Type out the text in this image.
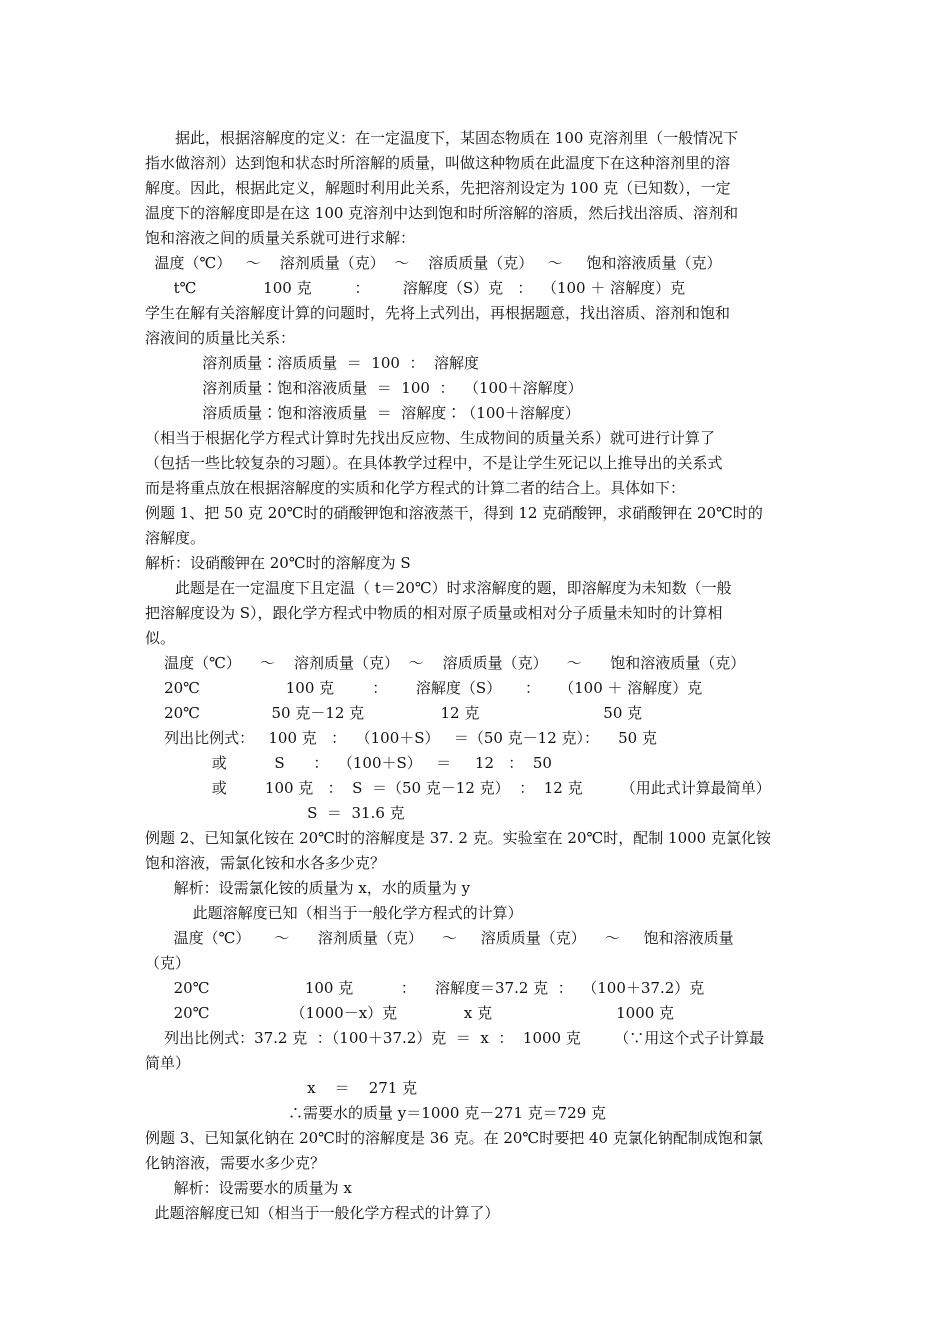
　　据此，根据溶解度的定义：在一定温度下，某固态物质在 100 克溶剂里（一般情况下
指水做溶剂）达到饱和状态时所溶解的质量，叫做这种物质在此温度下在这种溶剂里的溶
解度。因此，根据此定义，解题时利用此关系，先把溶剂设定为 100 克（已知数），一定
温度下的溶解度即是在这 100 克溶剂中达到饱和时所溶解的溶质，然后找出溶质、溶剂和
饱和溶液之间的质量关系就可进行求解：
温度（℃）   ～    溶剂质量（克）  ～    溶质质量（克）   ～     饱和溶液质量（克）
t℃              100 克         ：       溶解度（S）克   ：  （100 ＋ 溶解度）克
学生在解有关溶解度计算的问题时，先将上式列出，再根据题意，找出溶质、溶剂和饱和
溶液间的质量比关系：
溶剂质量∶溶质质量  ＝  100  ：  溶解度
溶剂质量∶饱和溶液质量  ＝  100  ：  （100＋溶解度）
溶质质量∶饱和溶液质量  ＝  溶解度∶（100＋溶解度）
（相当于根据化学方程式计算时先找出反应物、生成物间的质量关系）就可进行计算了
（包括一些比较复杂的习题）。在具体教学过程中，不是让学生死记以上推导出的关系式
而是将重点放在根据溶解度的实质和化学方程式的计算二者的结合上。具体如下：
例题 1、把 50 克 20℃时的硝酸钾饱和溶液蒸干，得到 12 克硝酸钾，求硝酸钾在 20℃时的
溶解度。
解析：设硝酸钾在 20℃时的溶解度为 S
　　此题是在一定温度下且定温（ t＝20℃）时求溶解度的题，即溶解度为未知数（一般
把溶解度设为 S），跟化学方程式中物质的相对原子质量或相对分子质量未知时的计算相
似。
温度（℃）    ～    溶剂质量（克）  ～    溶质质量（克）    ～      饱和溶液质量（克）
20℃                  100 克        ：      溶解度（S）     ：    （100 ＋ 溶解度）克
20℃               50 克－12 克                12 克                          50 克
列出比例式：   100 克   ：  （100＋S）   ＝（50 克－12 克）：    50 克
或          S      ：  （100＋S）   ＝     12   ：  50
或        100 克   ：  S  ＝（50 克－12 克）  ：  12 克        （用此式计算最简单）
S  ＝  31.6 克
例题 2、已知氯化铵在 20℃时的溶解度是 37. 2 克。实验室在 20℃时，配制 1000 克氯化铵
饱和溶液，需氯化铵和水各多少克？
解析：设需氯化铵的质量为 x，水的质量为 y
此题溶解度已知（相当于一般化学方程式的计算）
温度（℃）     ～      溶剂质量（克）    ～     溶质质量（克）    ～     饱和溶液质量
（克）
20℃                    100 克          ：    溶解度＝37.2 克  ：  （100＋37.2）克
20℃                 （1000－x）克              x 克                          1000 克
列出比例式：37.2 克  ：（100＋37.2）克  ＝  x  ：  1000 克       （∵用这个式子计算最
简单）
x    ＝    271 克
∴需要水的质量 y＝1000 克－271 克＝729 克
例题 3、已知氯化钠在 20℃时的溶解度是 36 克。在 20℃时要把 40 克氯化钠配制成饱和氯
化钠溶液，需要水多少克？
解析：设需要水的质量为 x
此题溶解度已知（相当于一般化学方程式的计算了）
